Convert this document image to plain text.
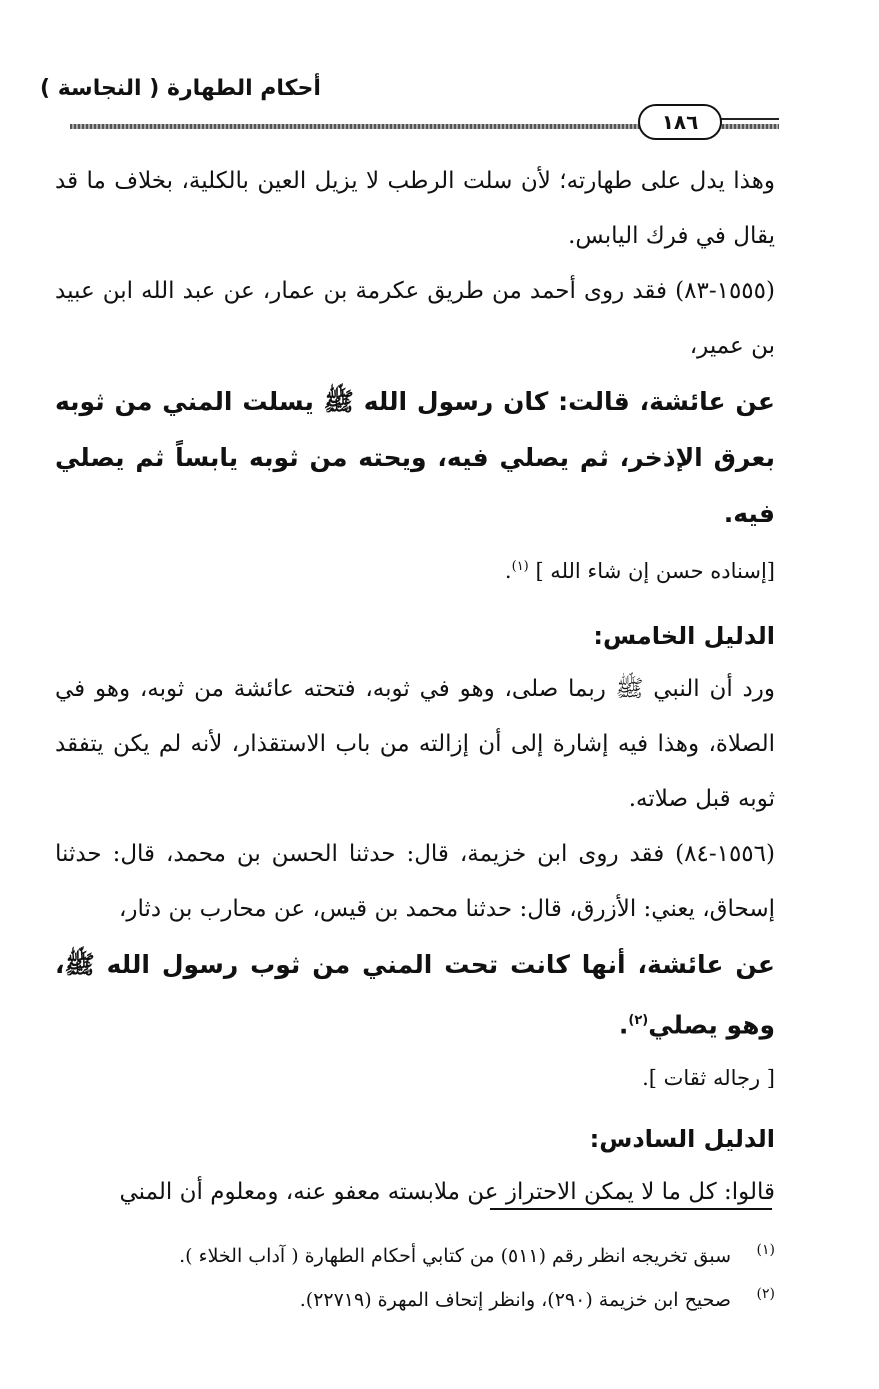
أحكام الطهارة ( النجاسة )
١٨٦

وهذا يدل على طهارته؛ لأن سلت الرطب لا يزيل العين بالكلية، بخلاف ما قد يقال في فرك اليابس.

(١٥٥٥-٨٣) فقد روى أحمد من طريق عكرمة بن عمار، عن عبد الله ابن عبيد بن عمير،

عن عائشة، قالت: كان رسول الله ﷺ يسلت المني من ثوبه بعرق الإذخر، ثم يصلي فيه، ويحته من ثوبه يابساً ثم يصلي فيه.

[إسناده حسن إن شاء الله ] $^{(١)}$.

الدليل الخامس:

ورد أن النبي ﷺ ربما صلى، وهو في ثوبه، فتحته عائشة من ثوبه، وهو في الصلاة، وهذا فيه إشارة إلى أن إزالته من باب الاستقذار، لأنه لم يكن يتفقد ثوبه قبل صلاته.

(١٥٥٦-٨٤) فقد روى ابن خزيمة، قال: حدثنا الحسن بن محمد، قال: حدثنا إسحاق، يعني: الأزرق، قال: حدثنا محمد بن قيس، عن محارب بن دثار،

عن عائشة، أنها كانت تحت المني من ثوب رسول الله ﷺ، وهو يصلي$^{(٢)}$.

[ رجاله ثقات ].

الدليل السادس:

قالوا: كل ما لا يمكن الاحتراز عن ملابسته معفو عنه، ومعلوم أن المني

(١)
سبق تخريجه انظر رقم (٥١١) من كتابي أحكام الطهارة ( آداب الخلاء ).

(٢)
صحيح ابن خزيمة (٢٩٠)، وانظر إتحاف المهرة (٢٢٧١٩).
